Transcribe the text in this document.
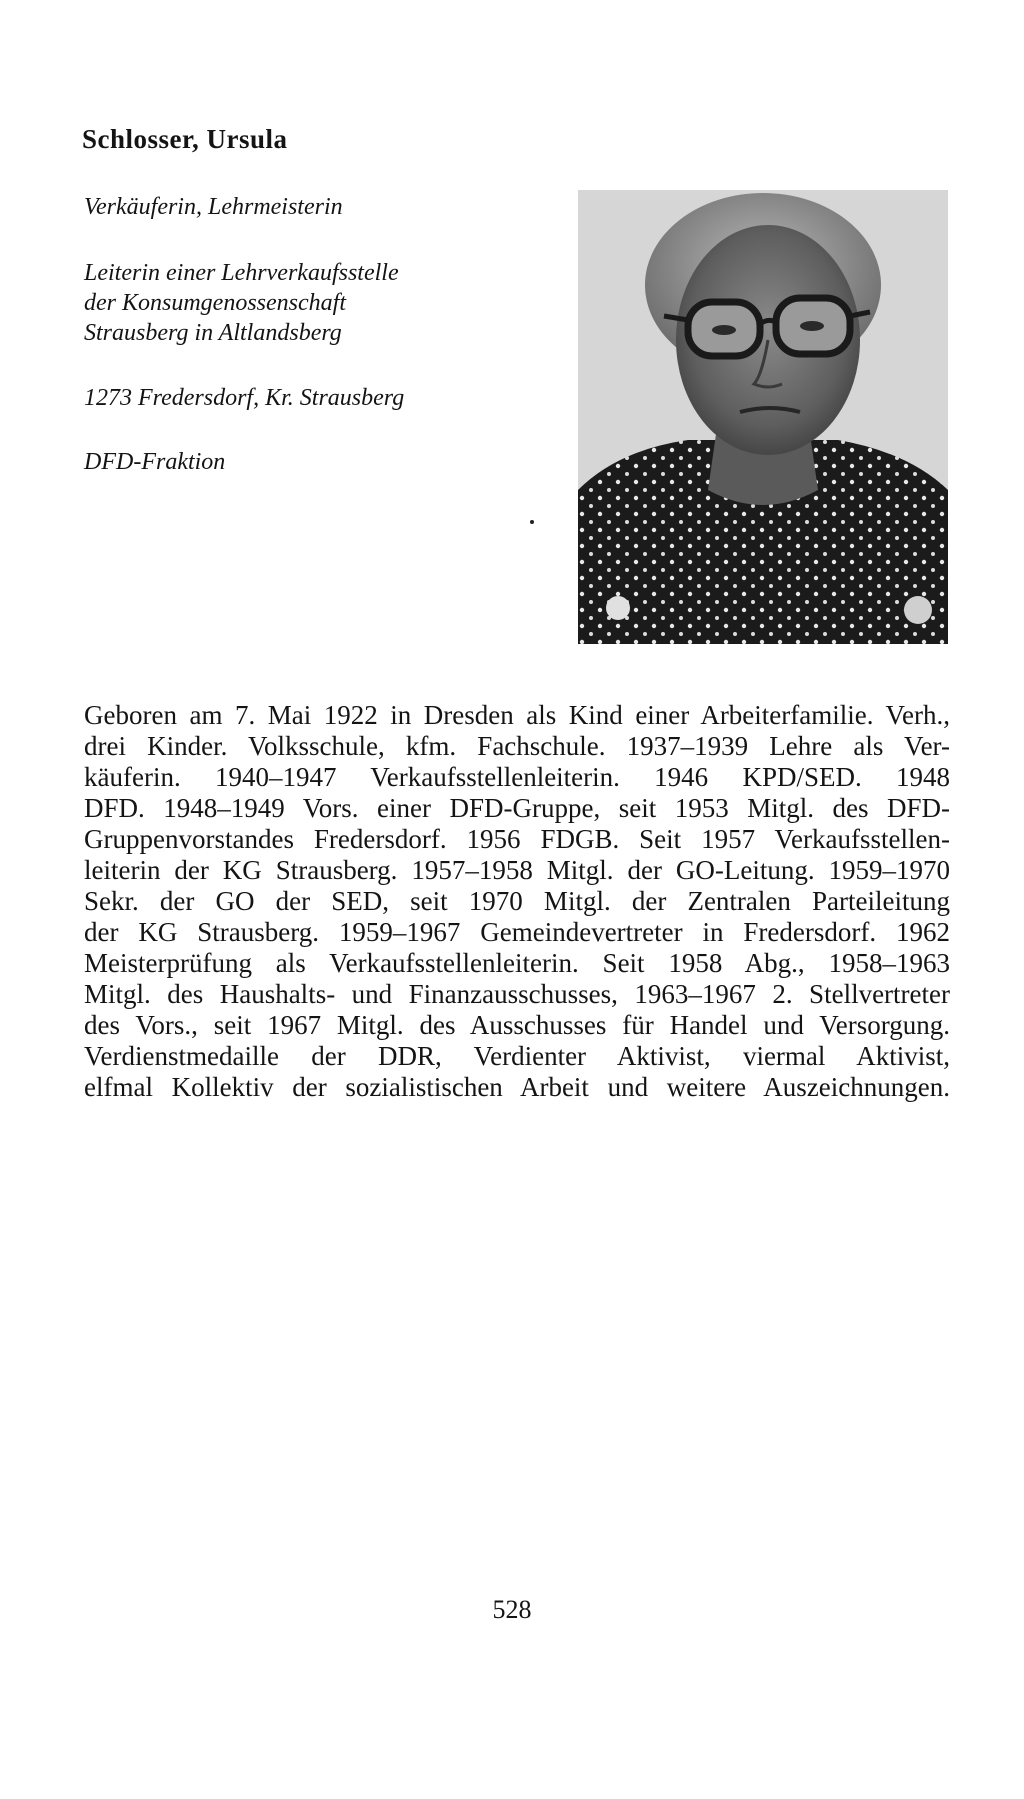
Schlosser, Ursula

Verkäuferin, Lehrmeisterin

Leiterin einer Lehrverkaufsstelle
der Konsumgenossenschaft
Strausberg in Altlandsberg

1273 Fredersdorf, Kr. Strausberg

DFD-Fraktion

Geboren am 7. Mai 1922 in Dresden als Kind einer Arbeiterfamilie. Verh.,
drei Kinder. Volksschule, kfm. Fachschule. 1937–1939 Lehre als Ver-
käuferin. 1940–1947 Verkaufsstellenleiterin. 1946 KPD/SED. 1948
DFD. 1948–1949 Vors. einer DFD-Gruppe, seit 1953 Mitgl. des DFD-
Gruppenvorstandes Fredersdorf. 1956 FDGB. Seit 1957 Verkaufsstellen-
leiterin der KG Strausberg. 1957–1958 Mitgl. der GO-Leitung. 1959–1970
Sekr. der GO der SED, seit 1970 Mitgl. der Zentralen Parteileitung
der KG Strausberg. 1959–1967 Gemeindevertreter in Fredersdorf. 1962
Meisterprüfung als Verkaufsstellenleiterin. Seit 1958 Abg., 1958–1963
Mitgl. des Haushalts- und Finanzausschusses, 1963–1967 2. Stellvertreter
des Vors., seit 1967 Mitgl. des Ausschusses für Handel und Versorgung.
Verdienstmedaille der DDR, Verdienter Aktivist, viermal Aktivist,
elfmal Kollektiv der sozialistischen Arbeit und weitere Auszeichnungen.

528
